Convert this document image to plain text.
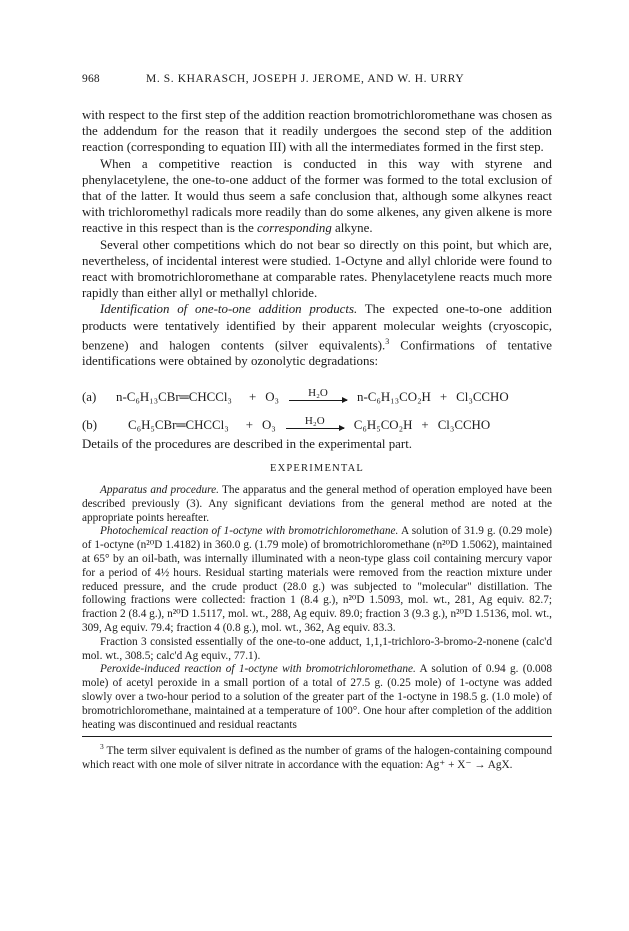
968	M. S. KHARASCH, JOSEPH J. JEROME, AND W. H. URRY

with respect to the first step of the addition reaction bromotrichloromethane was chosen as the addendum for the reason that it readily undergoes the second step of the addition reaction (corresponding to equation III) with all the intermediates formed in the first step.

When a competitive reaction is conducted in this way with styrene and phenylacetylene, the one-to-one adduct of the former was formed to the total exclusion of that of the latter. It would thus seem a safe conclusion that, although some alkynes react with trichloromethyl radicals more readily than do some alkenes, any given alkene is more reactive in this respect than is the corresponding alkyne.

Several other competitions which do not bear so directly on this point, but which are, nevertheless, of incidental interest were studied. 1-Octyne and allyl chloride were found to react with bromotrichloromethane at comparable rates. Phenylacetylene reacts much more rapidly than either allyl or methallyl chloride.

Identification of one-to-one addition products. The expected one-to-one addition products were tentatively identified by their apparent molecular weights (cryoscopic, benzene) and halogen contents (silver equivalents).$^3$ Confirmations of tentative identifications were obtained by ozonolytic degradations:

(a)	n-C₆H₁₃CBr═CHCCl₃ + O₃	H₂O n-C₆H₁₃CO₂H + Cl₃CCHO
(b)	C₆H₅CBr═CHCCl₃ + O₃	H₂O C₆H₅CO₂H + Cl₃CCHO

Details of the procedures are described in the experimental part.

EXPERIMENTAL

Apparatus and procedure. The apparatus and the general method of operation employed have been described previously (3). Any significant deviations from the general method are noted at the appropriate points hereafter.

Photochemical reaction of 1-octyne with bromotrichloromethane. A solution of 31.9 g. (0.29 mole) of 1-octyne (n²⁰D 1.4182) in 360.0 g. (1.79 mole) of bromotrichloromethane (n²⁰D 1.5062), maintained at 65° by an oil-bath, was internally illuminated with a neon-type glass coil containing mercury vapor for a period of 4½ hours. Residual starting materials were removed from the reaction mixture under reduced pressure, and the crude product (28.0 g.) was subjected to "molecular" distillation. The following fractions were collected: fraction 1 (8.4 g.), n²⁰D 1.5093, mol. wt., 281, Ag equiv. 82.7; fraction 2 (8.4 g.), n²⁰D 1.5117, mol. wt., 288, Ag equiv. 89.0; fraction 3 (9.3 g.), n²⁰D 1.5136, mol. wt., 309, Ag equiv. 79.4; fraction 4 (0.8 g.), mol. wt., 362, Ag equiv. 83.3.

Fraction 3 consisted essentially of the one-to-one adduct, 1,1,1-trichloro-3-bromo-2-nonene (calc'd mol. wt., 308.5; calc'd Ag equiv., 77.1).

Peroxide-induced reaction of 1-octyne with bromotrichloromethane. A solution of 0.94 g. (0.008 mole) of acetyl peroxide in a small portion of a total of 27.5 g. (0.25 mole) of 1-octyne was added slowly over a two-hour period to a solution of the greater part of the 1-octyne in 198.5 g. (1.0 mole) of bromotrichloromethane, maintained at a temperature of 100°. One hour after completion of the addition heating was discontinued and residual reactants

$^3$ The term silver equivalent is defined as the number of grams of the halogen-containing compound which react with one mole of silver nitrate in accordance with the equation: Ag⁺ + X⁻ → AgX.
